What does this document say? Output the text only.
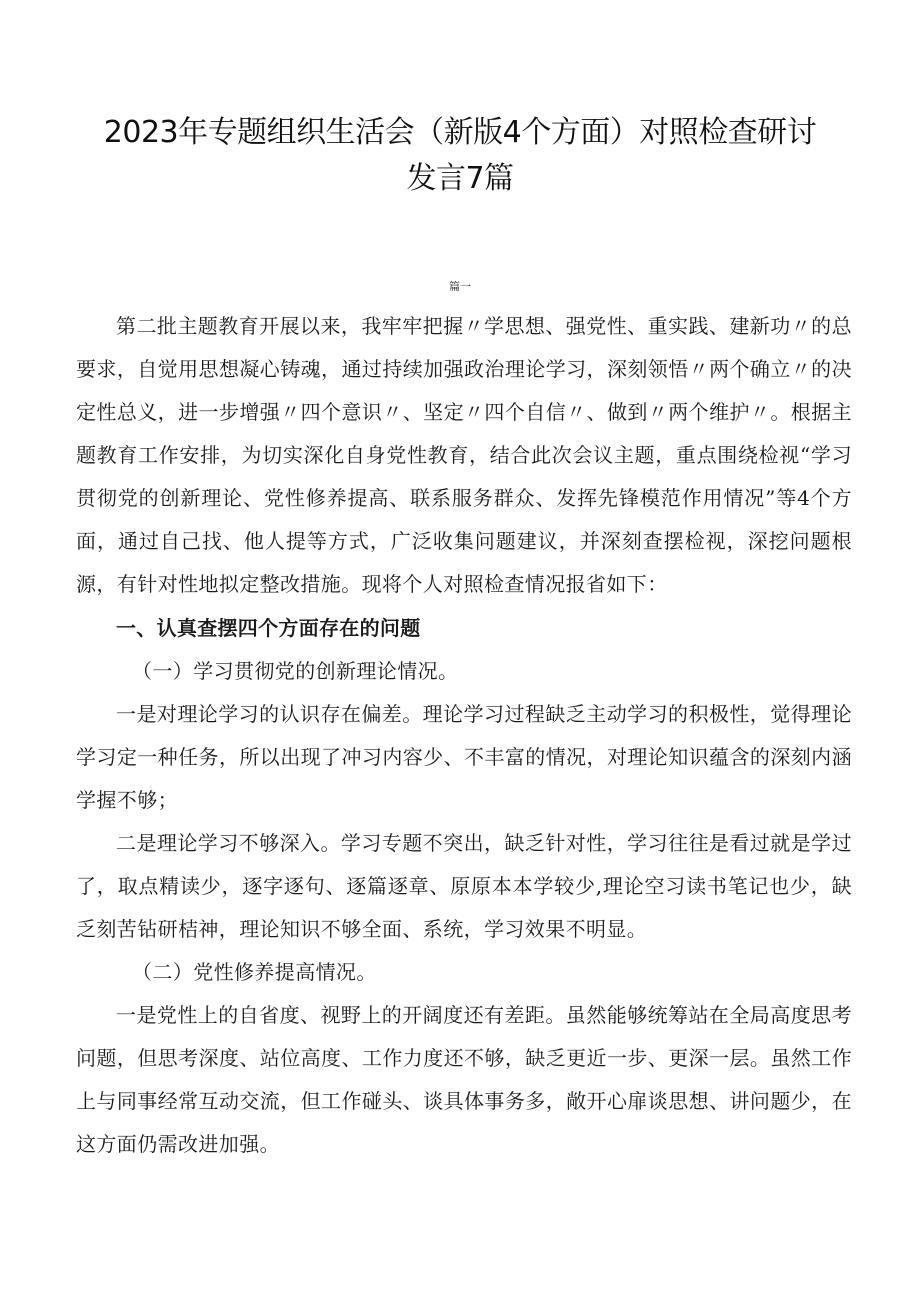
2023年专题组织生活会（新版4个方面）对照检查研讨
发言7篇
篇一

第二批主题教育开展以来，我牢牢把握〃学思想、强党性、重实践、建新功〃的总要求，自觉用思想凝心铸魂，通过持续加强政治理论学习，深刻领悟〃两个确立〃的决定性总义，进一步增强〃四个意识〃、坚定〃四个自信〃、做到〃两个维护〃。根据主题教育工作安排，为切实深化自身党性教育，结合此次会议主题，重点围绕检视“学习贯彻党的创新理论、党性修养提高、联系服务群众、发挥先锋模范作用情况”等4个方面，通过自己找、他人提等方式，广泛收集问题建议，并深刻查摆检视，深挖问题根源，有针对性地拟定整改措施。现将个人对照检查情况报省如下：

一、认真查摆四个方面存在的问题

（一）学习贯彻党的创新理论情况。

一是对理论学习的认识存在偏差。理论学习过程缺乏主动学习的积极性，觉得理论学习定一种任务，所以出现了冲习内容少、不丰富的情况，对理论知识蕴含的深刻内涵学握不够；

二是理论学习不够深入。学习专题不突出，缺乏针对性，学习往往是看过就是学过了，取点精读少，逐字逐句、逐篇逐章、原原本本学较少,理论空习读书笔记也少，缺乏刻苦钻研桔神，理论知识不够全面、系统，学习效果不明显。

（二）党性修养提高情况。

一是党性上的自省度、视野上的开阔度还有差距。虽然能够统筹站在全局高度思考问题，但思考深度、站位高度、工作力度还不够，缺乏更近一步、更深一层。虽然工作上与同事经常互动交流，但工作碰头、谈具体事务多，敞开心扉谈思想、讲问题少，在这方面仍需改进加强。
